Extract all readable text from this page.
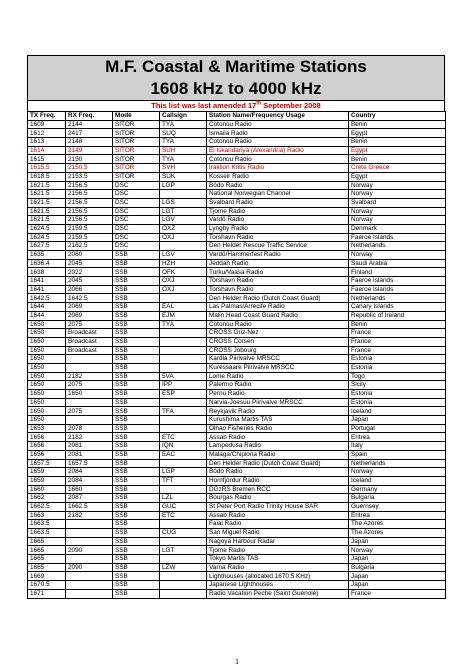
M.F. Coastal & Maritime Stations
1608 kHz to 4000 kHz
This list was last amended 17th September 2008
TX Freq.	RX Freq.	Mode	Callsign	Station Name/Frequency Usage	Country
1609	2144	SITOR	TYA	Cotonou Radio	Benin
1612	2417	SITOR	SUQ	Ismaila Radio	Egypt
1613	2148	SITOR	TYA	Cotonou Radio	Benin
1614	2149	SITOR	SUH	El Iskandariya (Alexandria) Radio	Egypt
1615	2150	SITOR	TYA	Cotonou Radio	Benin
1615.5	2150.5	SITOR	SVH	Iraklion Kritis Radio	Crete Greece
1618.5	2153.5	SITOR	SUK	Kosseir Radio	Egypt
1621.5	2156.5	DSC	LGP	Bödo Radio	Norway
1621.5	2156.5	DSC		National Norwegian Channel	Norway
1621.5	2156.5	DSC	LGS	Svalbard Radio	Svalbard
1621.5	2156.5	DSC	LGT	Tjome Radio	Norway
1621.5	2156.5	DSC	LGV	Vardö Radio	Norway
1624.5	2159.5	DSC	OXZ	Lyngby Radio	Denmark
1624.5	2159.5	DSC	OXJ	Torshavn Radio	Faeroe Islands
1627.5	2162.5	DSC		Den Helder Rescue Traffic Service	Netherlands
1635	2060	SSB	LGV	Vardö/Hammerfest Radio	Norway
1636.4	2045	SSB	HZH	Jeddah Radio	Saudi Arabia
1638	2022	SSB	OFK	Turku/Vaasa Radio	Finland
1641	2045	SSB	OXJ	Torshavn Radio	Faeroe Islands
1641	2066	SSB	OXJ	Torshavn Radio	Faeroe Islands
1642.5	1642.5	SSB		Den Helder Radio (Dutch Coast Guard)	Netherlands
1644	2069	SSB	EAL	Las Palmas/Arrecife Radio	Canary Islands
1644	2069	SSB	EJM	Malin Head Coast Guard Radio	Republic of Ireland
1650	2075	SSB	TYA	Cotonou Radio	Benin
1650	Broadcast	SSB		CROSS Griz-Nez	France
1650	Broadcast	SSB		CROSS Corsen	France
1650	Broadcast	SSB		CROSS Jobourg	France
1650		SSB		Kardla Piirivalve MRSCC	Estonia
1650		SSB		Kuressaare Piirivalve MRSCC	Estonia
1650	2182	SSB	5VA	Lome Radio	Togo
1650	2075	SSB	IPP	Palermo Radio	Sicily
1650	1650	SSB	ESP	Pernu Radio	Estonia
1650		SSB		Narvia-Joesuu Piirivalve MRSCC	Estonia
1650	2075	SSB	TFA	Reykjavik Radio	Iceland
1650		SSB		Kurushima Martis TAS	Japan
1653	2078	SSB		Olhao Fisheries Radio	Portugal
1656	2182	SSB	ETC	Assab Radio	Eritrea
1656	2081	SSB	IQN	Lampedusa Radio	Italy
1656	2081	SSB	EAC	Malaga/Chipiona Radio	Spain
1657.5	1657.5	SSB		Den Helder Radio (Dutch Coast Guard)	Netherlands
1659	2084	SSB	LGP	Bödo Radio	Norway
1659	2084	SSB	TFT	Hornfjördur Radio	Iceland
1660	1660	SSB		DGzRS Bremen RCC	Germany
1662	2087	SSB	LZL	Bourgas Radio	Bulgaria
1662.5	1662.5	SSB	GUC	St Peter Port Radio Trinity House SAR	Guernsey
1663	2182	SSB	ETC	Assab Radio	Eritrea
1663.5		SSB		Faial Radio	The Azores
1663.5		SSB	CUG	San Miguel Radio	The Azores
1665		SSB		Nagoya Harbour Radar	Japan
1665	2090	SSB	LGT	Tjome Radio	Norway
1665		SSB		Tokyo Martis TAS	Japan
1665	2090	SSB	LZW	Varna Radio	Bulgaria
1669		SSB		Lighthouses (allocated 1670.5 KHz)	Japan
1670.5		SSB		Japanese Lighthouses	Japan
1671		SSB		Radio Vacation Peche (Saint Guénolé)	France
1
